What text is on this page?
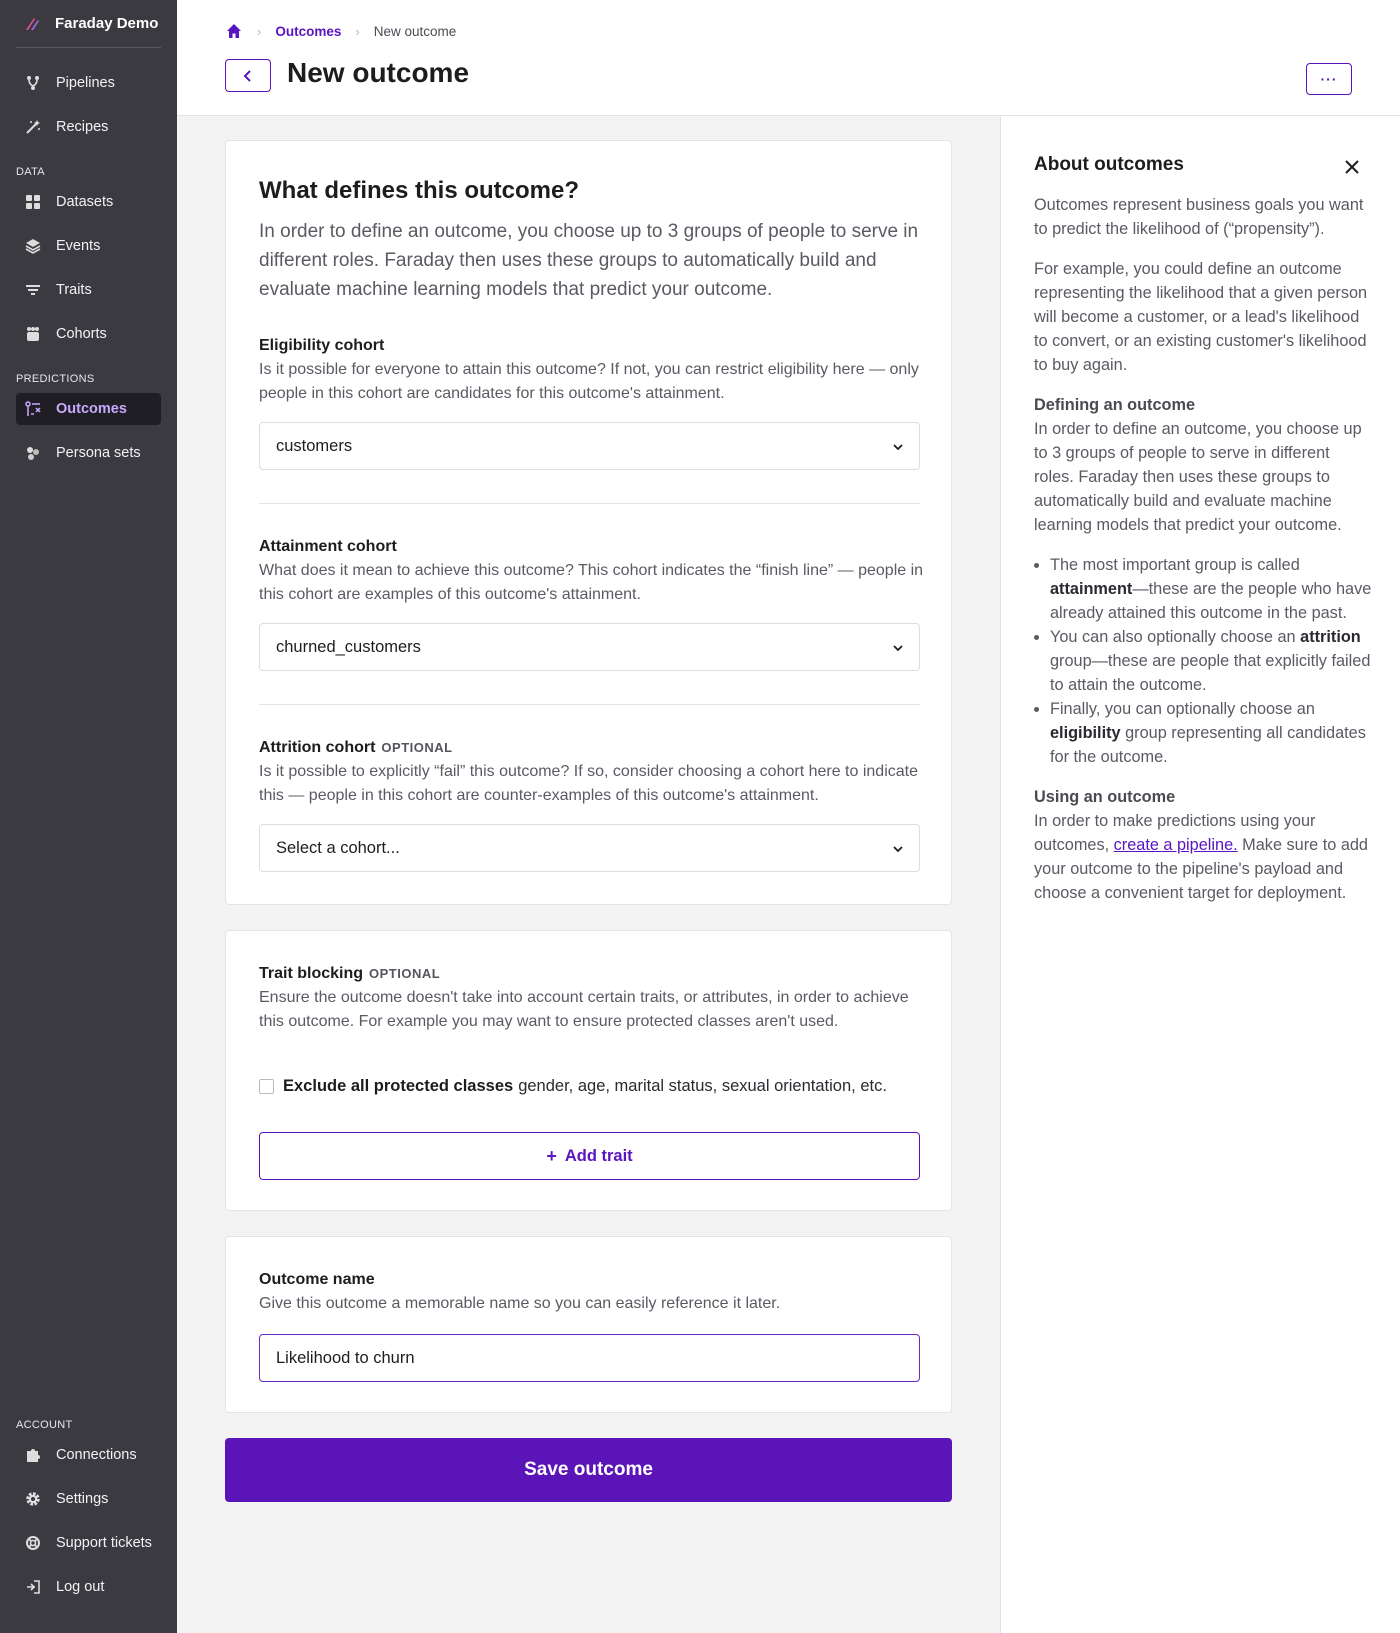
Faraday Demo
Pipelines
Recipes
DATA
Datasets
Events
Traits
Cohorts
PREDICTIONS
Outcomes
Persona sets
ACCOUNT
Connections
Settings
Support tickets
Log out
› Outcomes › New outcome
New outcome	···
What defines this outcome?
In order to define an outcome, you choose up to 3 groups of people to serve in different roles. Faraday then uses these groups to automatically build and evaluate machine learning models that predict your outcome.
Eligibility cohort
Is it possible for everyone to attain this outcome? If not, you can restrict eligibility here — only people in this cohort are candidates for this outcome's attainment.
customers
Attainment cohort
What does it mean to achieve this outcome? This cohort indicates the “finish line” — people in this cohort are examples of this outcome's attainment.
churned_customers
Attrition cohort OPTIONAL
Is it possible to explicitly “fail” this outcome? If so, consider choosing a cohort here to indicate this — people in this cohort are counter-examples of this outcome's attainment.
Select a cohort...
Trait blocking OPTIONAL
Ensure the outcome doesn't take into account certain traits, or attributes, in order to achieve this outcome. For example you may want to ensure protected classes aren't used.
Exclude all protected classes gender, age, marital status, sexual orientation, etc.
+ Add trait
Outcome name
Give this outcome a memorable name so you can easily reference it later.
Likelihood to churn
Save outcome
About outcomes

Outcomes represent business goals you want to predict the likelihood of (“propensity”).

For example, you could define an outcome representing the likelihood that a given person will become a customer, or a lead's likelihood to convert, or an existing customer's likelihood to buy again.

Defining an outcome

In order to define an outcome, you choose up to 3 groups of people to serve in different roles. Faraday then uses these groups to automatically build and evaluate machine learning models that predict your outcome.

• The most important group is called attainment—these are the people who have already attained this outcome in the past.
• You can also optionally choose an attrition group—these are people that explicitly failed to attain the outcome.
• Finally, you can optionally choose an eligibility group representing all candidates for the outcome.
Using an outcome

In order to make predictions using your outcomes, create a pipeline. Make sure to add your outcome to the pipeline's payload and choose a convenient target for deployment.
